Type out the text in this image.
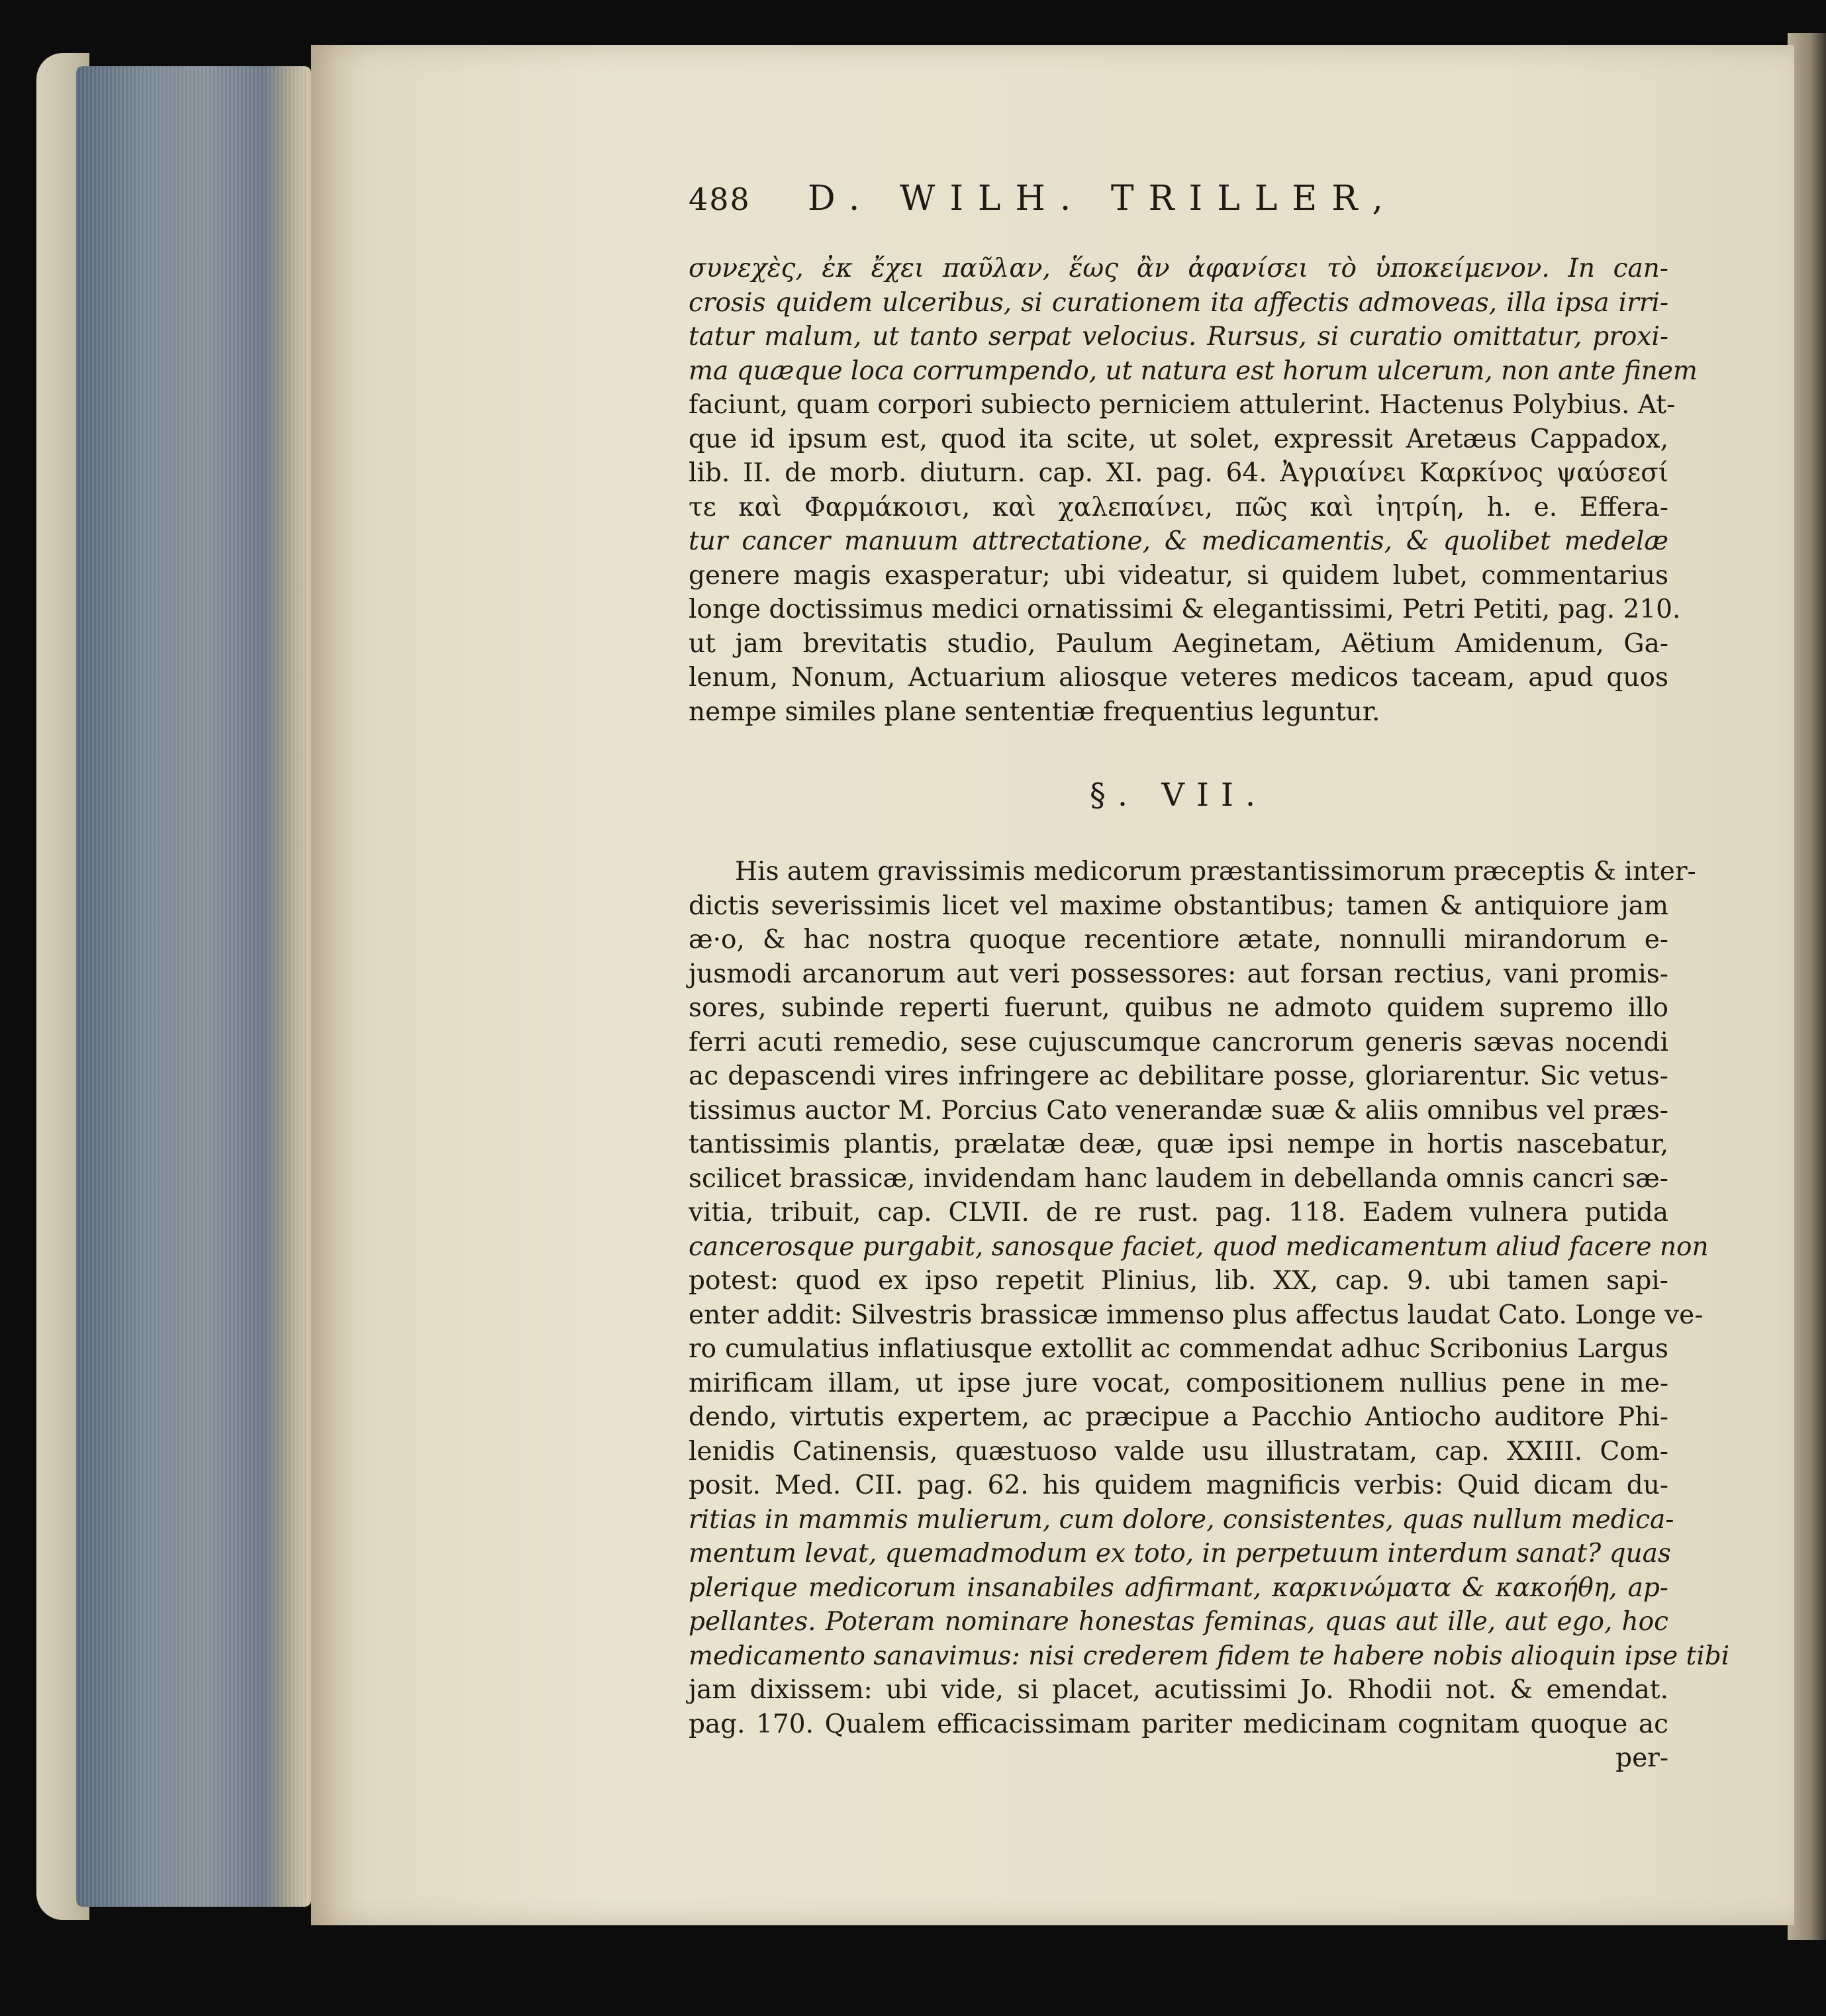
488	D. WILH. TRILLER,
συνεχὲς, ἐκ ἔχει παῦλαν, ἕως ἂν ἀφανίσει τὸ ὑποκείμενον. In can-
crosis quidem ulceribus, si curationem ita affectis admoveas, illa ipsa irri-
tatur malum, ut tanto serpat velocius. Rursus, si curatio omittatur, proxi-
ma quæque loca corrumpendo, ut natura est horum ulcerum, non ante finem
faciunt, quam corpori subiecto perniciem attulerint. Hactenus Polybius. At-
que id ipsum est, quod ita scite, ut solet, expressit Aretæus Cappadox,
lib. II. de morb. diuturn. cap. XI. pag. 64. Ἀγριαίνει Καρκίνος ψαύσεσί
τε καὶ Φαρμάκοισι, καὶ χαλεπαίνει, πῶς καὶ ἰητρίη, h. e. Effera-
tur cancer manuum attrectatione, & medicamentis, & quolibet medelæ
genere magis exasperatur; ubi videatur, si quidem lubet, commentarius
longe doctissimus medici ornatissimi & elegantissimi, Petri Petiti, pag. 210.
ut jam brevitatis studio, Paulum Aeginetam, Aëtium Amidenum, Ga-
lenum, Nonum, Actuarium aliosque veteres medicos taceam, apud quos
nempe similes plane sententiæ frequentius leguntur.
§. VII.
His autem gravissimis medicorum præstantissimorum præceptis & inter-
dictis severissimis licet vel maxime obstantibus; tamen & antiquiore jam
æ·o, & hac nostra quoque recentiore ætate, nonnulli mirandorum e-
jusmodi arcanorum aut veri possessores: aut forsan rectius, vani promis-
sores, subinde reperti fuerunt, quibus ne admoto quidem supremo illo
ferri acuti remedio, sese cujuscumque cancrorum generis sævas nocendi
ac depascendi vires infringere ac debilitare posse, gloriarentur. Sic vetus-
tissimus auctor M. Porcius Cato venerandæ suæ & aliis omnibus vel præs-
tantissimis plantis, prælatæ deæ, quæ ipsi nempe in hortis nascebatur,
scilicet brassicæ, invidendam hanc laudem in debellanda omnis cancri sæ-
vitia, tribuit, cap. CLVII. de re rust. pag. 118. Eadem vulnera putida
cancerosque purgabit, sanosque faciet, quod medicamentum aliud facere non
potest: quod ex ipso repetit Plinius, lib. XX, cap. 9. ubi tamen sapi-
enter addit: Silvestris brassicæ immenso plus affectus laudat Cato. Longe ve-
ro cumulatius inflatiusque extollit ac commendat adhuc Scribonius Largus
mirificam illam, ut ipse jure vocat, compositionem nullius pene in me-
dendo, virtutis expertem, ac præcipue a Pacchio Antiocho auditore Phi-
lenidis Catinensis, quæstuoso valde usu illustratam, cap. XXIII. Com-
posit. Med. CII. pag. 62. his quidem magnificis verbis: Quid dicam du-
ritias in mammis mulierum, cum dolore, consistentes, quas nullum medica-
mentum levat, quemadmodum ex toto, in perpetuum interdum sanat? quas
plerique medicorum insanabiles adfirmant, καρκινώματα & κακοήθη, ap-
pellantes. Poteram nominare honestas feminas, quas aut ille, aut ego, hoc
medicamento sanavimus: nisi crederem fidem te habere nobis alioquin ipse tibi
jam dixissem: ubi vide, si placet, acutissimi Jo. Rhodii not. & emendat.
pag. 170. Qualem efficacissimam pariter medicinam cognitam quoque ac
per-
